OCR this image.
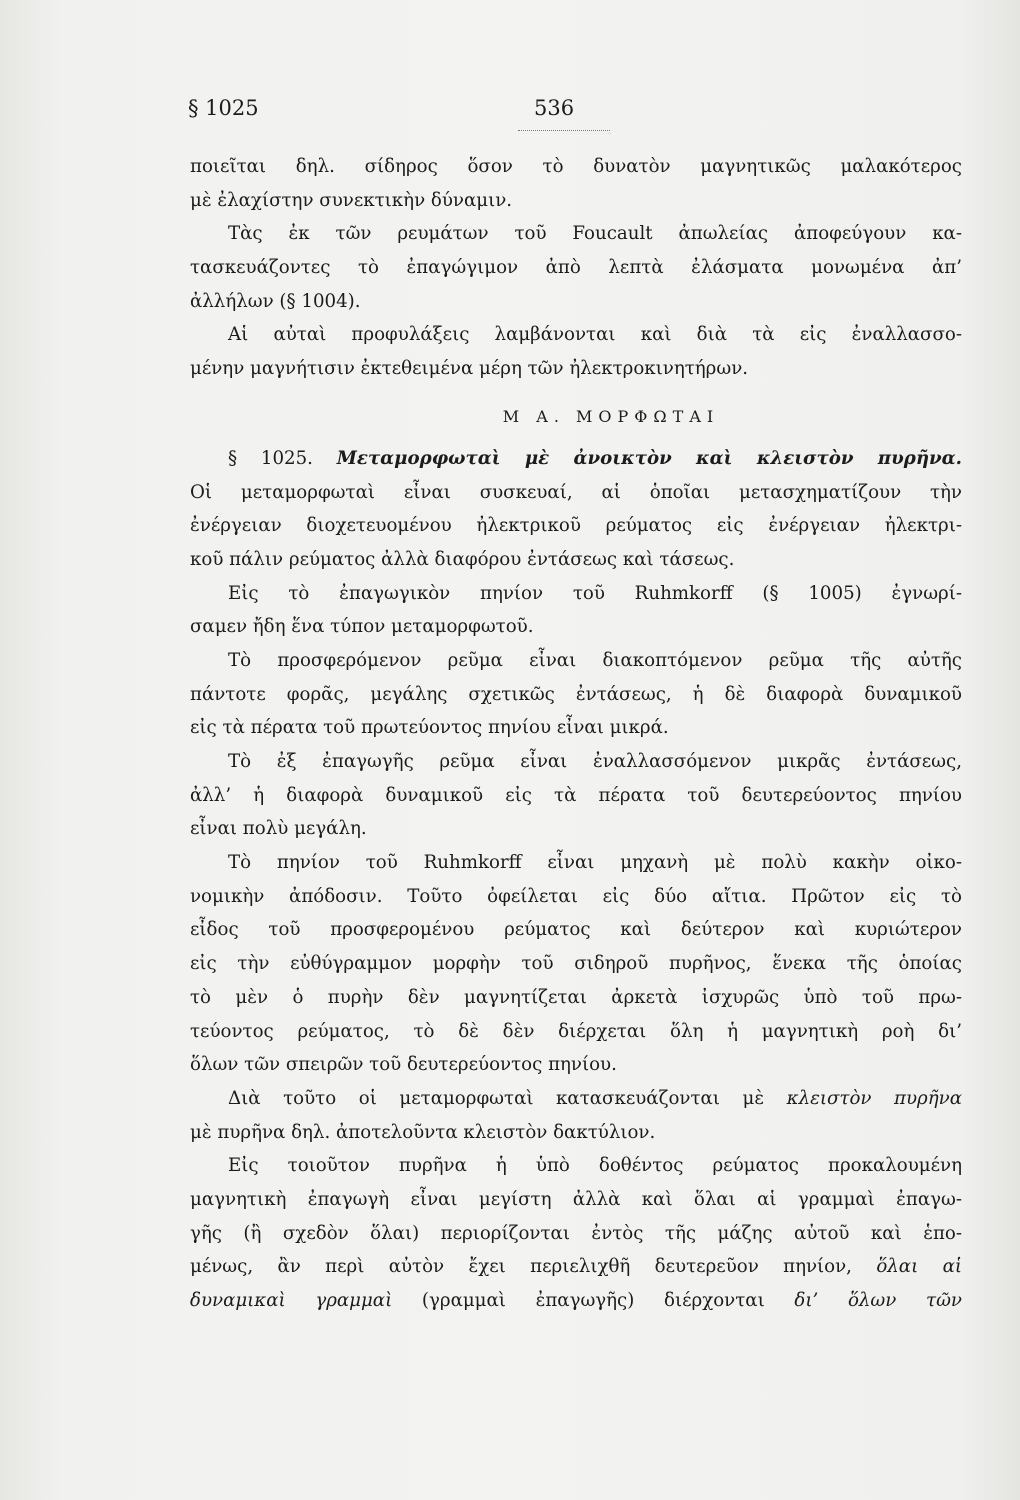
§ 1025	536
ποιεῖται δηλ. σίδηρος ὅσον τὸ δυνατὸν μαγνητικῶς μαλακότερος
μὲ ἐλαχίστην συνεκτικὴν δύναμιν.
Τὰς ἐκ τῶν ρευμάτων τοῦ Foucault ἀπωλείας ἀποφεύγουν κα-
τασκευάζοντες τὸ ἐπαγώγιμον ἀπὸ λεπτὰ ἐλάσματα μονωμένα ἀπ’
ἀλλήλων (§ 1004).
Αἱ αὐταὶ προφυλάξεις λαμβάνονται καὶ διὰ τὰ εἰς ἐναλλασσο-
μένην μαγνήτισιν ἐκτεθειμένα μέρη τῶν ἠλεκτροκινητήρων.
Μ Α. ΜΟΡΦΩΤΑΙ
§ 1025. Μεταμορφωταὶ μὲ ἀνοικτὸν καὶ κλειστὸν πυρῆνα.
Οἱ μεταμορφωταὶ εἶναι συσκευαί, αἱ ὁποῖαι μετασχηματίζουν τὴν
ἐνέργειαν διοχετευομένου ἠλεκτρικοῦ ρεύματος εἰς ἐνέργειαν ἠλεκτρι-
κοῦ πάλιν ρεύματος ἀλλὰ διαφόρου ἐντάσεως καὶ τάσεως.
Εἰς τὸ ἐπαγωγικὸν πηνίον τοῦ Ruhmkorff (§ 1005) ἐγνωρί-
σαμεν ἤδη ἕνα τύπον μεταμορφωτοῦ.
Τὸ προσφερόμενον ρεῦμα εἶναι διακοπτόμενον ρεῦμα τῆς αὐτῆς
πάντοτε φορᾶς, μεγάλης σχετικῶς ἐντάσεως, ἡ δὲ διαφορὰ δυναμικοῦ
εἰς τὰ πέρατα τοῦ πρωτεύοντος πηνίου εἶναι μικρά.
Τὸ ἐξ ἐπαγωγῆς ρεῦμα εἶναι ἐναλλασσόμενον μικρᾶς ἐντάσεως,
ἀλλ’ ἡ διαφορὰ δυναμικοῦ εἰς τὰ πέρατα τοῦ δευτερεύοντος πηνίου
εἶναι πολὺ μεγάλη.
Τὸ πηνίον τοῦ Ruhmkorff εἶναι μηχανὴ μὲ πολὺ κακὴν οἰκο-
νομικὴν ἀπόδοσιν. Τοῦτο ὀφείλεται εἰς δύο αἴτια. Πρῶτον εἰς τὸ
εἶδος τοῦ προσφερομένου ρεύματος καὶ δεύτερον καὶ κυριώτερον
εἰς τὴν εὐθύγραμμον μορφὴν τοῦ σιδηροῦ πυρῆνος, ἕνεκα τῆς ὁποίας
τὸ μὲν ὁ πυρὴν δὲν μαγνητίζεται ἀρκετὰ ἰσχυρῶς ὑπὸ τοῦ πρω-
τεύοντος ρεύματος, τὸ δὲ δὲν διέρχεται ὅλη ἡ μαγνητικὴ ροὴ δι’
ὅλων τῶν σπειρῶν τοῦ δευτερεύοντος πηνίου.
Διὰ τοῦτο οἱ μεταμορφωταὶ κατασκευάζονται μὲ κλειστὸν πυρῆνα
μὲ πυρῆνα δηλ. ἀποτελοῦντα κλειστὸν δακτύλιον.
Εἰς τοιοῦτον πυρῆνα ἡ ὑπὸ δοθέντος ρεύματος προκαλουμένη
μαγνητικὴ ἐπαγωγὴ εἶναι μεγίστη ἀλλὰ καὶ ὅλαι αἱ γραμμαὶ ἐπαγω-
γῆς (ἢ σχεδὸν ὅλαι) περιορίζονται ἐντὸς τῆς μάζης αὐτοῦ καὶ ἑπο-
μένως, ἂν περὶ αὐτὸν ἔχει περιελιχθῆ δευτερεῦον πηνίον, ὅλαι αἱ
δυναμικαὶ γραμμαὶ (γραμμαὶ ἐπαγωγῆς) διέρχονται δι’ ὅλων τῶν
